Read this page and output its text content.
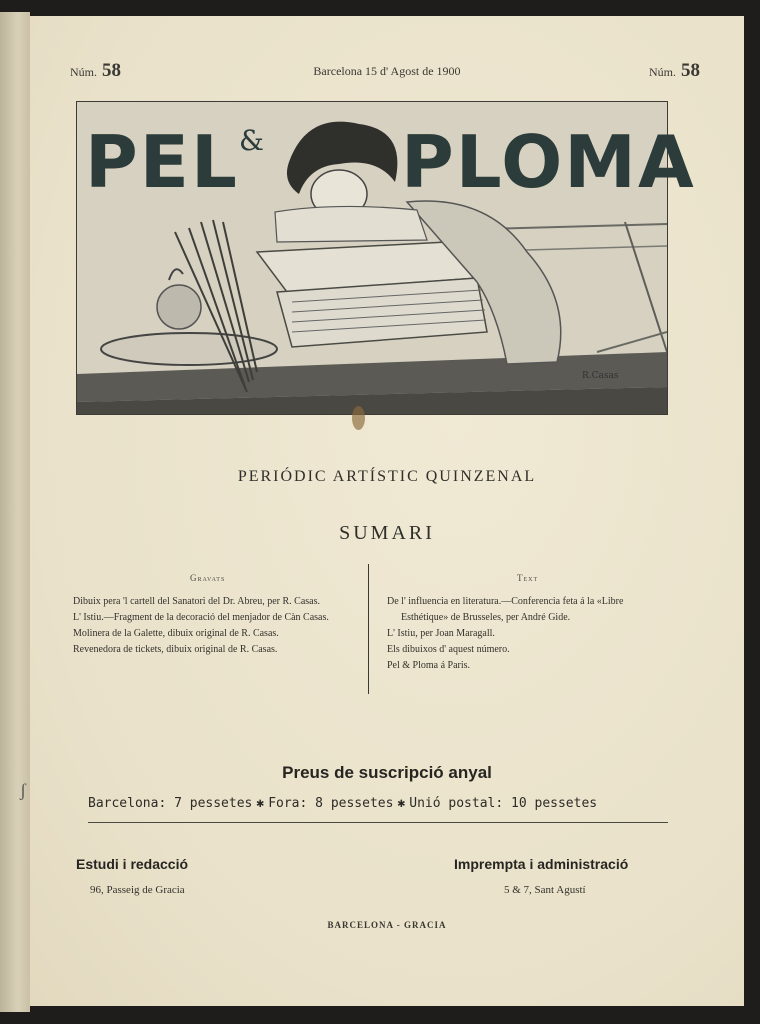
ʃ
Núm. 58	Barcelona 15 d' Agost de 1900	Núm. 58
R.Casas
PEL & PLOMA
PERIÓDIC ARTÍSTIC QUINZENAL
SUMARI
Gravats	Text

Dibuix pera 'l cartell del Sanatori del Dr. Abreu, per R. Casas.

L' Istiu.—Fragment de la decoració del menjador de Càn Casas.

Molinera de la Galette, dibuix original de R. Casas.

Revenedora de tickets, dibuix original de R. Casas.

De l' influencia en literatura.—Conferencia feta á la «Libre Esthétique» de Brusseles, per André Gide.

L' Istiu, per Joan Maragall.

Els dibuixos d' aquest número.

Pel & Ploma á Paris.

Preus de suscripció anyal
Barcelona: 7 pessetes ✱ Fora: 8 pessetes ✱ Unió postal: 10 pessetes
Estudi i redacció	Imprempta i administració
96, Passeig de Gracia	5 & 7, Sant Agustí
BARCELONA - GRACIA
